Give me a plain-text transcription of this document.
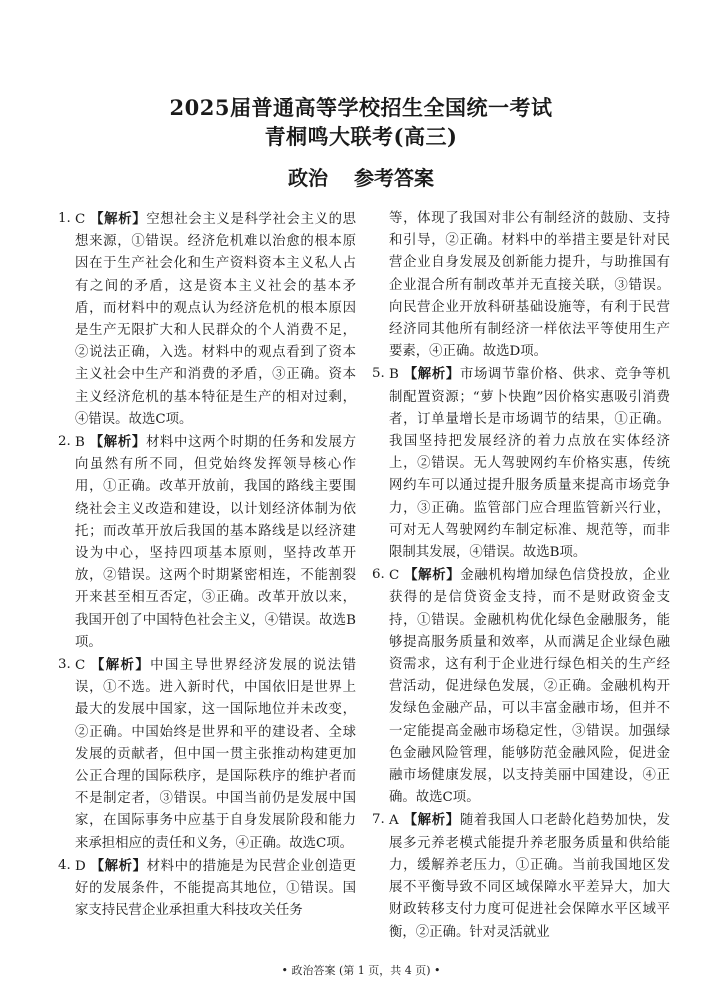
2025届普通高等学校招生全国统一考试
青桐鸣大联考(高三)
政治 参考答案

1. C 【解析】空想社会主义是科学社会主义的思想来源，①错误。经济危机难以治愈的根本原因在于生产社会化和生产资料资本主义私人占有之间的矛盾，这是资本主义社会的基本矛盾，而材料中的观点认为经济危机的根本原因是生产无限扩大和人民群众的个人消费不足，②说法正确，入选。材料中的观点看到了资本主义社会中生产和消费的矛盾，③正确。资本主义经济危机的基本特征是生产的相对过剩，④错误。故选C项。

2. B 【解析】材料中这两个时期的任务和发展方向虽然有所不同，但党始终发挥领导核心作用，①正确。改革开放前，我国的路线主要围绕社会主义改造和建设，以计划经济体制为依托；而改革开放后我国的基本路线是以经济建设为中心，坚持四项基本原则，坚持改革开放，②错误。这两个时期紧密相连，不能割裂开来甚至相互否定，③正确。改革开放以来，我国开创了中国特色社会主义，④错误。故选B项。

3. C 【解析】中国主导世界经济发展的说法错误，①不选。进入新时代，中国依旧是世界上最大的发展中国家，这一国际地位并未改变，②正确。中国始终是世界和平的建设者、全球发展的贡献者，但中国一贯主张推动构建更加公正合理的国际秩序，是国际秩序的维护者而不是制定者，③错误。中国当前仍是发展中国家，在国际事务中应基于自身发展阶段和能力来承担相应的责任和义务，④正确。故选C项。

4. D 【解析】材料中的措施是为民营企业创造更好的发展条件，不能提高其地位，①错误。国家支持民营企业承担重大科技攻关任务

等，体现了我国对非公有制经济的鼓励、支持和引导，②正确。材料中的举措主要是针对民营企业自身发展及创新能力提升，与助推国有企业混合所有制改革并无直接关联，③错误。向民营企业开放科研基础设施等，有利于民营经济同其他所有制经济一样依法平等使用生产要素，④正确。故选D项。

5. B 【解析】市场调节靠价格、供求、竞争等机制配置资源；“萝卜快跑”因价格实惠吸引消费者，订单量增长是市场调节的结果，①正确。我国坚持把发展经济的着力点放在实体经济上，②错误。无人驾驶网约车价格实惠，传统网约车可以通过提升服务质量来提高市场竞争力，③正确。监管部门应合理监管新兴行业，可对无人驾驶网约车制定标准、规范等，而非限制其发展，④错误。故选B项。

6. C 【解析】金融机构增加绿色信贷投放，企业获得的是信贷资金支持，而不是财政资金支持，①错误。金融机构优化绿色金融服务，能够提高服务质量和效率，从而满足企业绿色融资需求，这有利于企业进行绿色相关的生产经营活动，促进绿色发展，②正确。金融机构开发绿色金融产品，可以丰富金融市场，但并不一定能提高金融市场稳定性，③错误。加强绿色金融风险管理，能够防范金融风险，促进金融市场健康发展，以支持美丽中国建设，④正确。故选C项。

7. A 【解析】随着我国人口老龄化趋势加快，发展多元养老模式能提升养老服务质量和供给能力，缓解养老压力，①正确。当前我国地区发展不平衡导致不同区域保障水平差异大，加大财政转移支付力度可促进社会保障水平区域平衡，②正确。针对灵活就业

• 政治答案 (第 1 页，共 4 页) •
